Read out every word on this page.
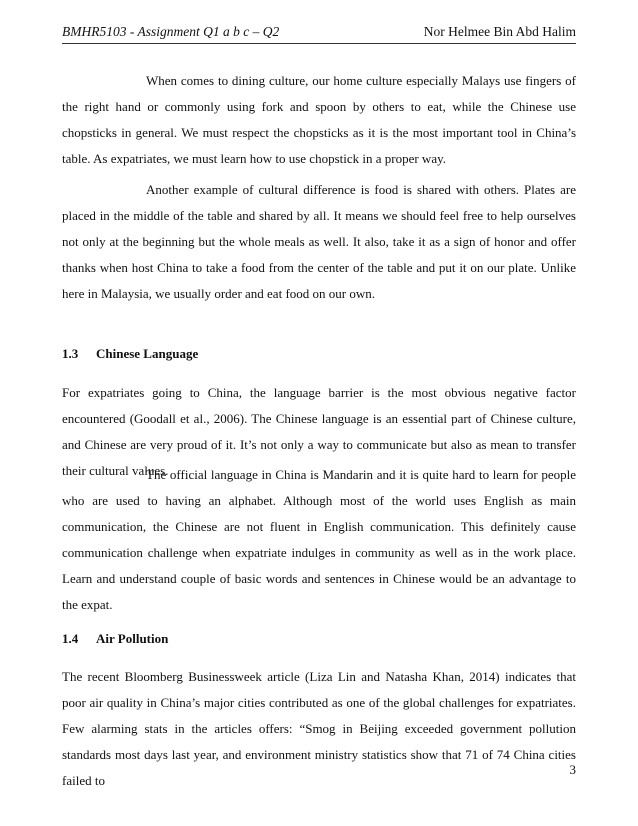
BMHR5103 - Assignment Q1 a b c – Q2	Nor Helmee Bin Abd Halim

When comes to dining culture, our home culture especially Malays use fingers of the right hand or commonly using fork and spoon by others to eat, while the Chinese use chopsticks in general. We must respect the chopsticks as it is the most important tool in China’s table. As expatriates, we must learn how to use chopstick in a proper way.

Another example of cultural difference is food is shared with others. Plates are placed in the middle of the table and shared by all. It means we should feel free to help ourselves not only at the beginning but the whole meals as well. It also, take it as a sign of honor and offer thanks when host China to take a food from the center of the table and put it on our plate. Unlike here in Malaysia, we usually order and eat food on our own.

1.3 Chinese Language

For expatriates going to China, the language barrier is the most obvious negative factor encountered (Goodall et al., 2006). The Chinese language is an essential part of Chinese culture, and Chinese are very proud of it. It’s not only a way to communicate but also as mean to transfer their cultural values.

The official language in China is Mandarin and it is quite hard to learn for people who are used to having an alphabet. Although most of the world uses English as main communication, the Chinese are not fluent in English communication. This definitely cause communication challenge when expatriate indulges in community as well as in the work place. Learn and understand couple of basic words and sentences in Chinese would be an advantage to the expat.

1.4 Air Pollution

The recent Bloomberg Businessweek article (Liza Lin and Natasha Khan, 2014) indicates that poor air quality in China’s major cities contributed as one of the global challenges for expatriates. Few alarming stats in the articles offers: “Smog in Beijing exceeded government pollution standards most days last year, and environment ministry statistics show that 71 of 74 China cities failed to

3
